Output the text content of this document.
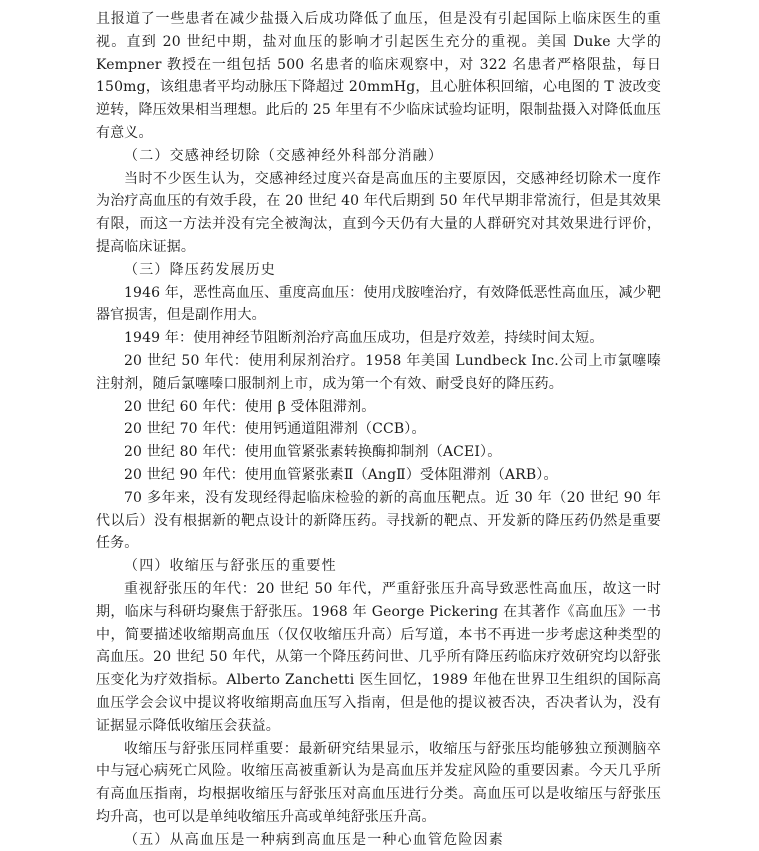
且报道了一些患者在减少盐摄入后成功降低了血压，但是没有引起国际上临床医生的重视。直到 20 世纪中期，盐对血压的影响才引起医生充分的重视。美国 Duke 大学的 Kempner 教授在一组包括 500 名患者的临床观察中，对 322 名患者严格限盐，每日 150mg，该组患者平均动脉压下降超过 20mmHg，且心脏体积回缩，心电图的 T 波改变逆转，降压效果相当理想。此后的 25 年里有不少临床试验均证明，限制盐摄入对降低血压有意义。

（二）交感神经切除（交感神经外科部分消融）

当时不少医生认为，交感神经过度兴奋是高血压的主要原因，交感神经切除术一度作为治疗高血压的有效手段，在 20 世纪 40 年代后期到 50 年代早期非常流行，但是其效果有限，而这一方法并没有完全被淘汰，直到今天仍有大量的人群研究对其效果进行评价，提高临床证据。

（三）降压药发展历史

1946 年，恶性高血压、重度高血压：使用戊胺喹治疗，有效降低恶性高血压，减少靶器官损害，但是副作用大。

1949 年：使用神经节阻断剂治疗高血压成功，但是疗效差，持续时间太短。

20 世纪 50 年代：使用利尿剂治疗。1958 年美国 Lundbeck Inc.公司上市氯噻嗪注射剂，随后氯噻嗪口服制剂上市，成为第一个有效、耐受良好的降压药。

20 世纪 60 年代：使用 β 受体阻滞剂。

20 世纪 70 年代：使用钙通道阻滞剂（CCB）。

20 世纪 80 年代：使用血管紧张素转换酶抑制剂（ACEI）。

20 世纪 90 年代：使用血管紧张素Ⅱ（AngⅡ）受体阻滞剂（ARB）。

70 多年来，没有发现经得起临床检验的新的高血压靶点。近 30 年（20 世纪 90 年代以后）没有根据新的靶点设计的新降压药。寻找新的靶点、开发新的降压药仍然是重要任务。

（四）收缩压与舒张压的重要性

重视舒张压的年代：20 世纪 50 年代，严重舒张压升高导致恶性高血压，故这一时期，临床与科研均聚焦于舒张压。1968 年 George Pickering 在其著作《高血压》一书中，简要描述收缩期高血压（仅仅收缩压升高）后写道，本书不再进一步考虑这种类型的高血压。20 世纪 50 年代，从第一个降压药问世、几乎所有降压药临床疗效研究均以舒张压变化为疗效指标。Alberto Zanchetti 医生回忆，1989 年他在世界卫生组织的国际高血压学会会议中提议将收缩期高血压写入指南，但是他的提议被否决，否决者认为，没有证据显示降低收缩压会获益。

收缩压与舒张压同样重要：最新研究结果显示，收缩压与舒张压均能够独立预测脑卒中与冠心病死亡风险。收缩压高被重新认为是高血压并发症风险的重要因素。今天几乎所有高血压指南，均根据收缩压与舒张压对高血压进行分类。高血压可以是收缩压与舒张压均升高，也可以是单纯收缩压升高或单纯舒张压升高。

（五）从高血压是一种病到高血压是一种心血管危险因素
